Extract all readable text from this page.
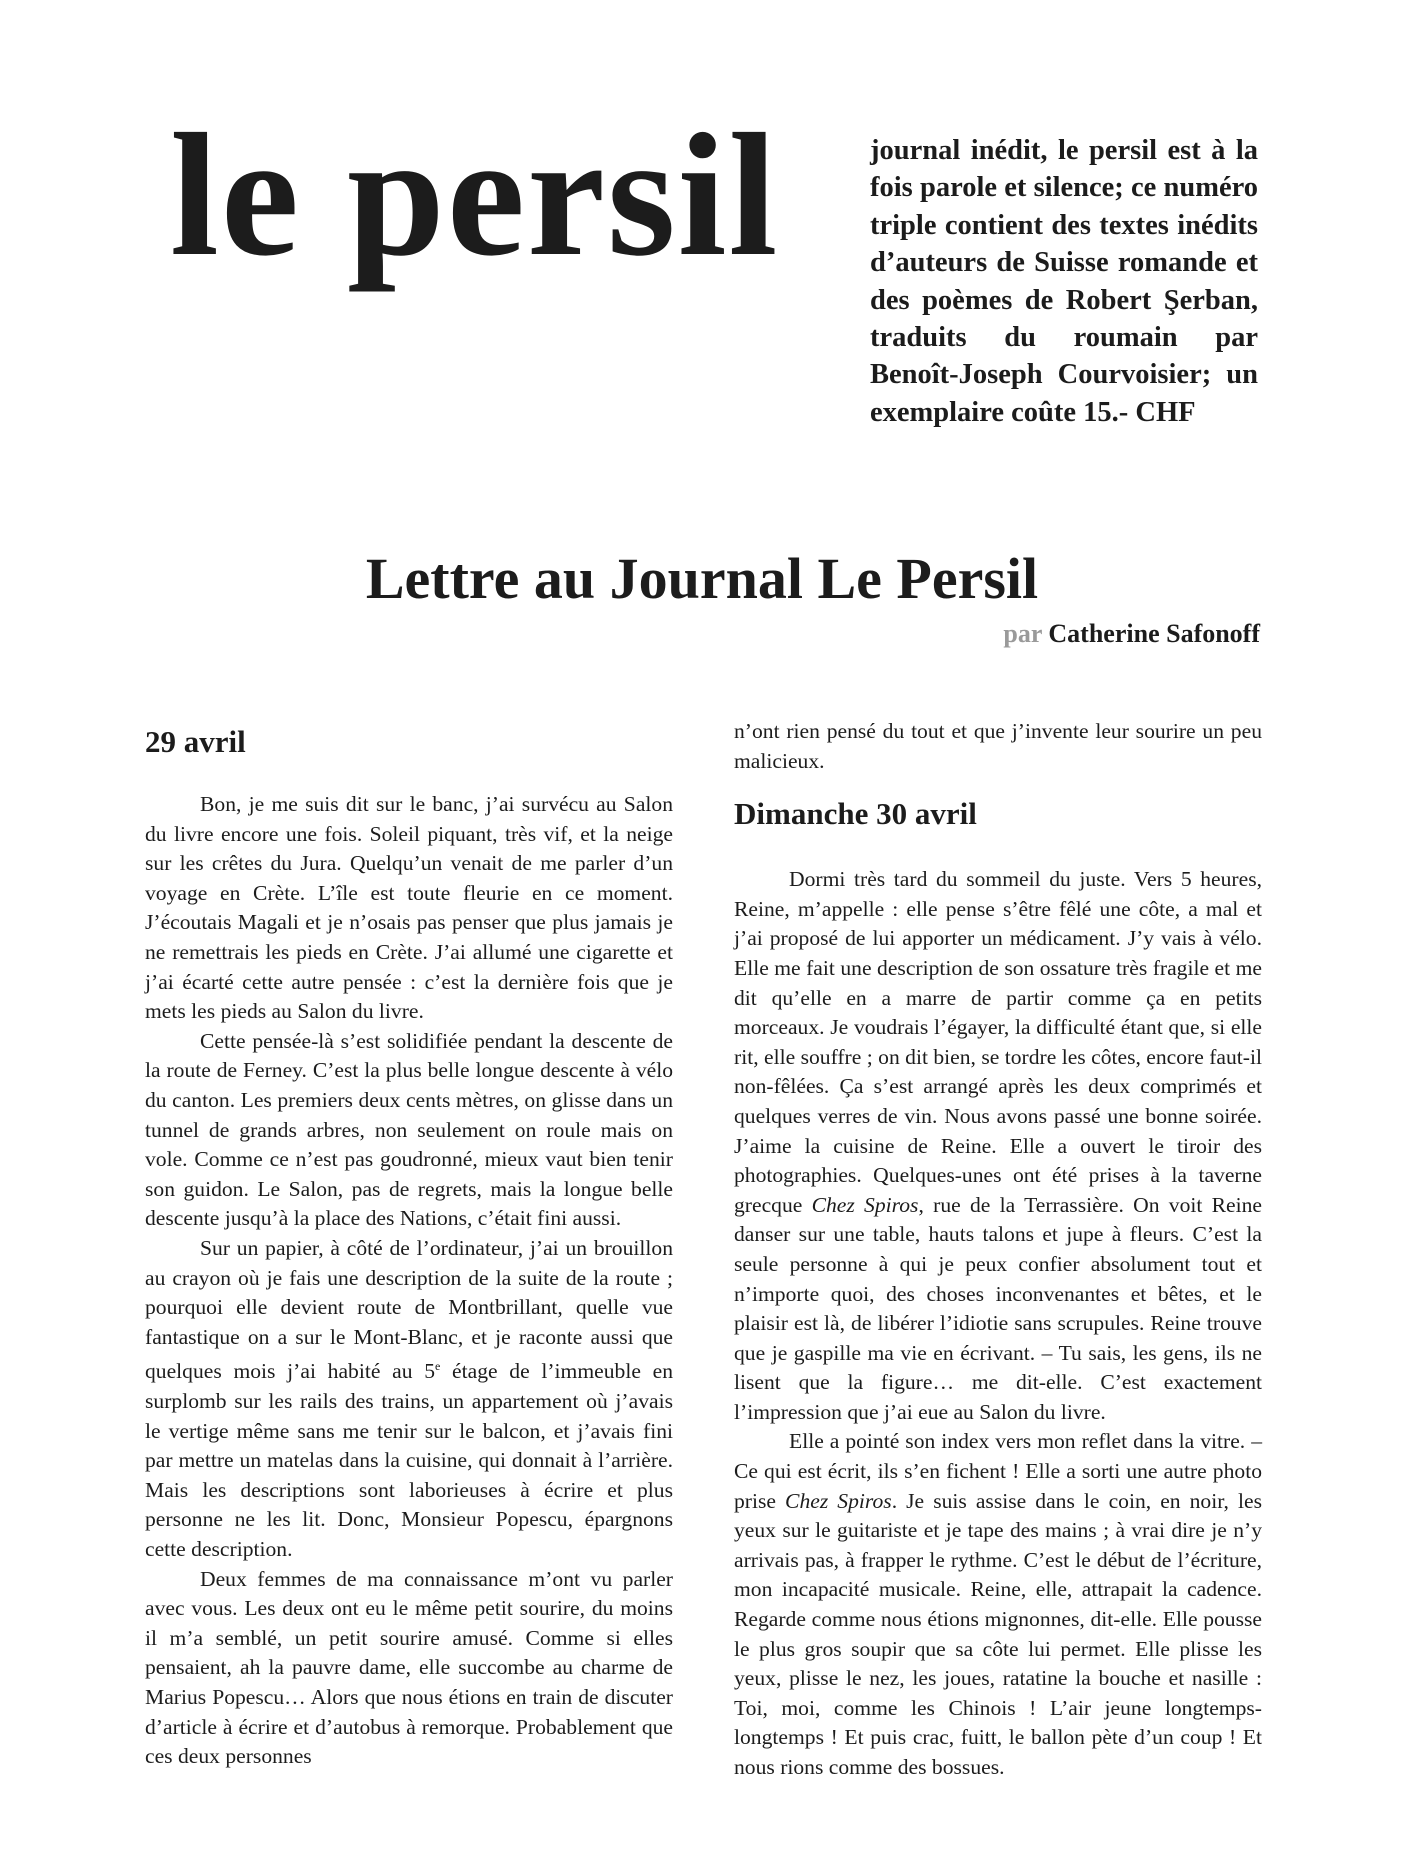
le persil	journal inédit, le persil est à la fois parole et silence; ce numéro triple contient des textes inédits d’auteurs de Suisse romande et des poèmes de Robert Şerban, traduits du roumain par Benoît-Joseph Courvoisier; un exemplaire coûte 15.- CHF
Lettre au Journal Le Persil
par Catherine Safonoff
29 avril

Bon, je me suis dit sur le banc, j’ai survécu au Salon du livre encore une fois. Soleil piquant, très vif, et la neige sur les crêtes du Jura. Quelqu’un venait de me parler d’un voyage en Crète. L’île est toute fleurie en ce moment. J’écoutais Magali et je n’osais pas penser que plus jamais je ne remettrais les pieds en Crète. J’ai allumé une cigarette et j’ai écarté cette autre pensée : c’est la dernière fois que je mets les pieds au Salon du livre.

Cette pensée-là s’est solidifiée pendant la descente de la route de Ferney. C’est la plus belle longue descente à vélo du canton. Les premiers deux cents mètres, on glisse dans un tunnel de grands arbres, non seulement on roule mais on vole. Comme ce n’est pas goudronné, mieux vaut bien tenir son guidon. Le Salon, pas de regrets, mais la longue belle descente jusqu’à la place des Nations, c’était fini aussi.

Sur un papier, à côté de l’ordinateur, j’ai un brouillon au crayon où je fais une description de la suite de la route ; pourquoi elle devient route de Montbrillant, quelle vue fantastique on a sur le Mont-Blanc, et je raconte aussi que quelques mois j’ai habité au 5e étage de l’immeuble en surplomb sur les rails des trains, un appartement où j’avais le vertige même sans me tenir sur le balcon, et j’avais fini par mettre un matelas dans la cuisine, qui donnait à l’arrière. Mais les descriptions sont laborieuses à écrire et plus personne ne les lit. Donc, Monsieur Popescu, épargnons cette description.

Deux femmes de ma connaissance m’ont vu parler avec vous. Les deux ont eu le même petit sourire, du moins il m’a semblé, un petit sourire amusé. Comme si elles pensaient, ah la pauvre dame, elle succombe au charme de Marius Popescu… Alors que nous étions en train de discuter d’article à écrire et d’autobus à remorque. Probablement que ces deux personnes

n’ont rien pensé du tout et que j’invente leur sourire un peu malicieux.

Dimanche 30 avril

Dormi très tard du sommeil du juste. Vers 5 heures, Reine, m’appelle : elle pense s’être fêlé une côte, a mal et j’ai proposé de lui apporter un médicament. J’y vais à vélo. Elle me fait une description de son ossature très fragile et me dit qu’elle en a marre de partir comme ça en petits morceaux. Je voudrais l’égayer, la difficulté étant que, si elle rit, elle souffre ; on dit bien, se tordre les côtes, encore faut-il non-fêlées. Ça s’est arrangé après les deux comprimés et quelques verres de vin. Nous avons passé une bonne soirée. J’aime la cuisine de Reine. Elle a ouvert le tiroir des photographies. Quelques-unes ont été prises à la taverne grecque Chez Spiros, rue de la Terrassière. On voit Reine danser sur une table, hauts talons et jupe à fleurs. C’est la seule personne à qui je peux confier absolument tout et n’importe quoi, des choses inconvenantes et bêtes, et le plaisir est là, de libérer l’idiotie sans scrupules. Reine trouve que je gaspille ma vie en écrivant. – Tu sais, les gens, ils ne lisent que la figure… me dit-elle. C’est exactement l’impression que j’ai eue au Salon du livre.

Elle a pointé son index vers mon reflet dans la vitre. – Ce qui est écrit, ils s’en fichent ! Elle a sorti une autre photo prise Chez Spiros. Je suis assise dans le coin, en noir, les yeux sur le guitariste et je tape des mains ; à vrai dire je n’y arrivais pas, à frapper le rythme. C’est le début de l’écriture, mon incapacité musicale. Reine, elle, attrapait la cadence. Regarde comme nous étions mignonnes, dit-elle. Elle pousse le plus gros soupir que sa côte lui permet. Elle plisse les yeux, plisse le nez, les joues, ratatine la bouche et nasille : Toi, moi, comme les Chinois ! L’air jeune longtemps-longtemps ! Et puis crac, fuitt, le ballon pète d’un coup ! Et nous rions comme des bossues.
